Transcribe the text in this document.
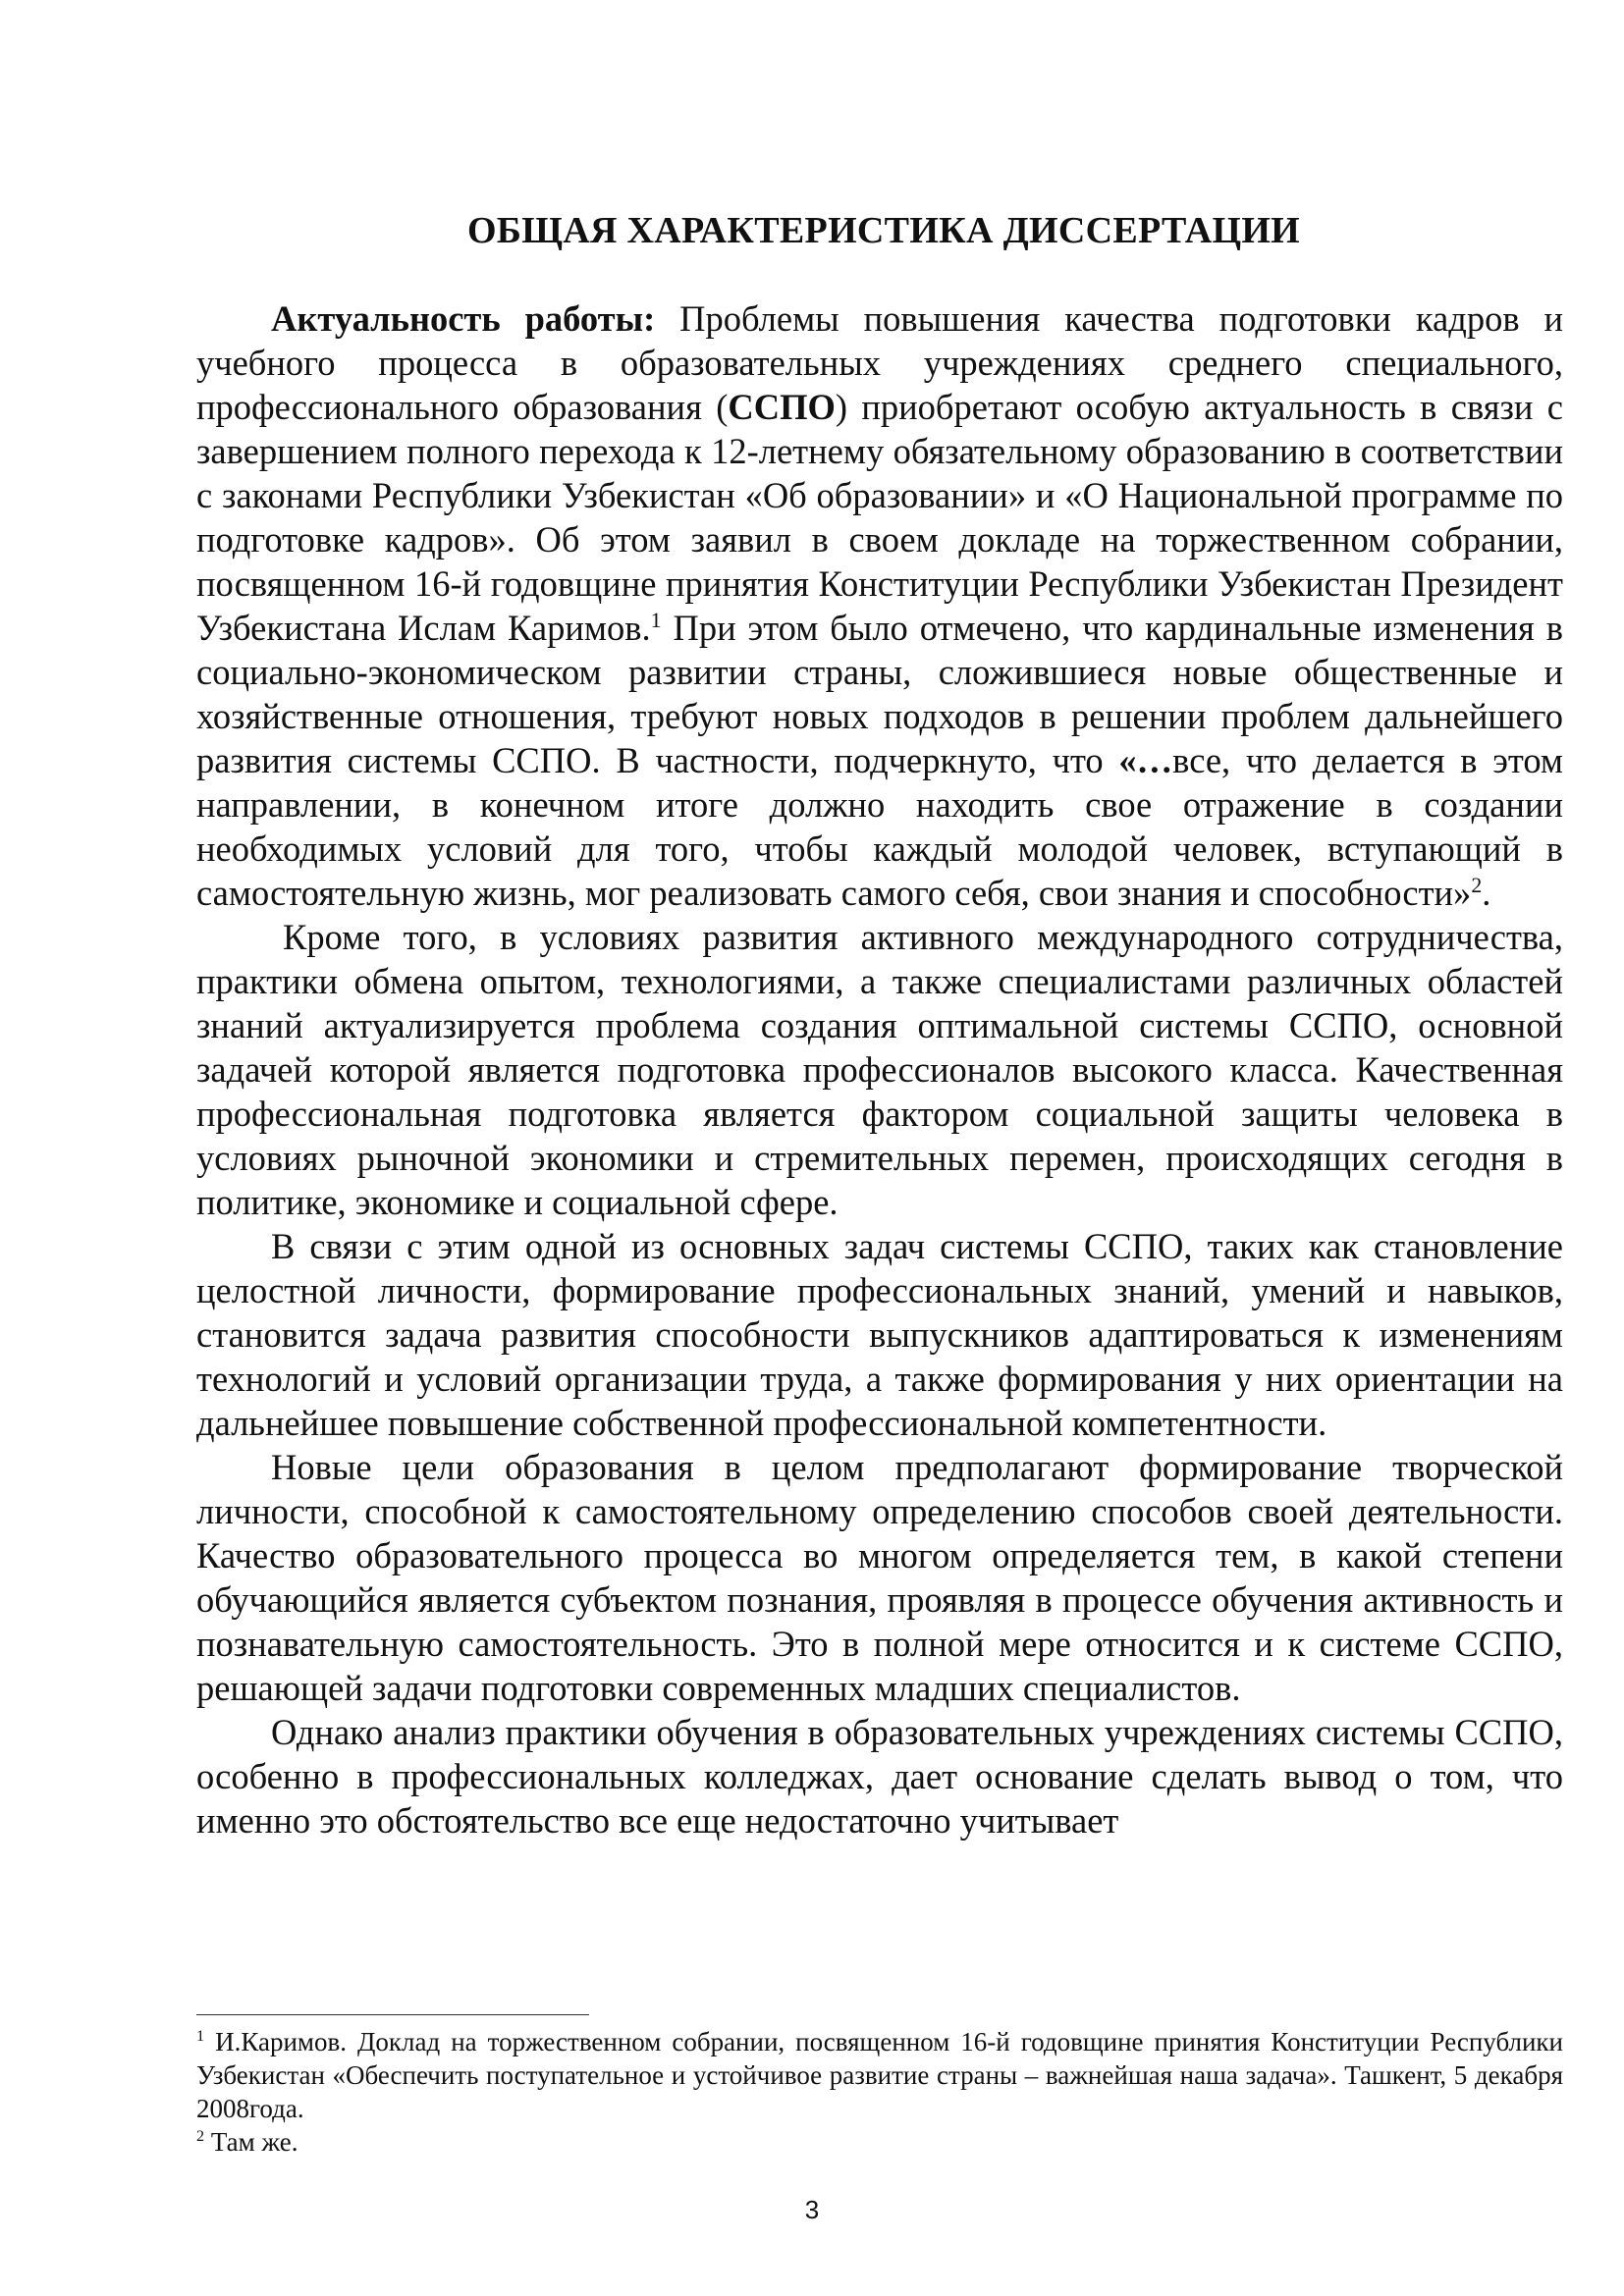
ОБЩАЯ ХАРАКТЕРИСТИКА ДИССЕРТАЦИИ

Актуальность работы: Проблемы повышения качества подготовки кадров и учебного процесса в образовательных учреждениях среднего специального, профессионального образования (ССПО) приобретают особую актуальность в связи с завершением полного перехода к 12-летнему обязательному образованию в соответствии с законами Республики Узбекистан «Об образовании» и «О Национальной программе по подготовке кадров». Об этом заявил в своем докладе на торжественном собрании, посвященном 16-й годовщине принятия Конституции Республики Узбекистан Президент Узбекистана Ислам Каримов.$^1$ При этом было отмечено, что кардинальные изменения в социально-экономическом развитии страны, сложившиеся новые общественные и хозяйственные отношения, требуют новых подходов в решении проблем дальнейшего развития системы ССПО. В частности, подчеркнуто, что «…все, что делается в этом направлении, в конечном итоге должно находить свое отражение в создании необходимых условий для того, чтобы каждый молодой человек, вступающий в самостоятельную жизнь, мог реализовать самого себя, свои знания и способности»$^2$.

Кроме того, в условиях развития активного международного сотрудничества, практики обмена опытом, технологиями, а также специалистами различных областей знаний актуализируется проблема создания оптимальной системы ССПО, основной задачей которой является подготовка профессионалов высокого класса. Качественная профессиональная подготовка является фактором социальной защиты человека в условиях рыночной экономики и стремительных перемен, происходящих сегодня в политике, экономике и социальной сфере.

В связи с этим одной из основных задач системы ССПО, таких как становление целостной личности, формирование профессиональных знаний, умений и навыков, становится задача развития способности выпускников адаптироваться к изменениям технологий и условий организации труда, а также формирования у них ориентации на дальнейшее повышение собственной профессиональной компетентности.

Новые цели образования в целом предполагают формирование творческой личности, способной к самостоятельному определению способов своей деятельности. Качество образовательного процесса во многом определяется тем, в какой степени обучающийся является субъектом познания, проявляя в процессе обучения активность и познавательную самостоятельность. Это в полной мере относится и к системе ССПО, решающей задачи подготовки современных младших специалистов.

Однако анализ практики обучения в образовательных учреждениях системы ССПО, особенно в профессиональных колледжах, дает основание сделать вывод о том, что именно это обстоятельство все еще недостаточно учитывает

$^1$ И.Каримов. Доклад на торжественном собрании, посвященном 16-й годовщине принятия Конституции Республики Узбекистан «Обеспечить поступательное и устойчивое развитие страны – важнейшая наша задача». Ташкент, 5 декабря 2008года.

$^2$ Там же.

3
